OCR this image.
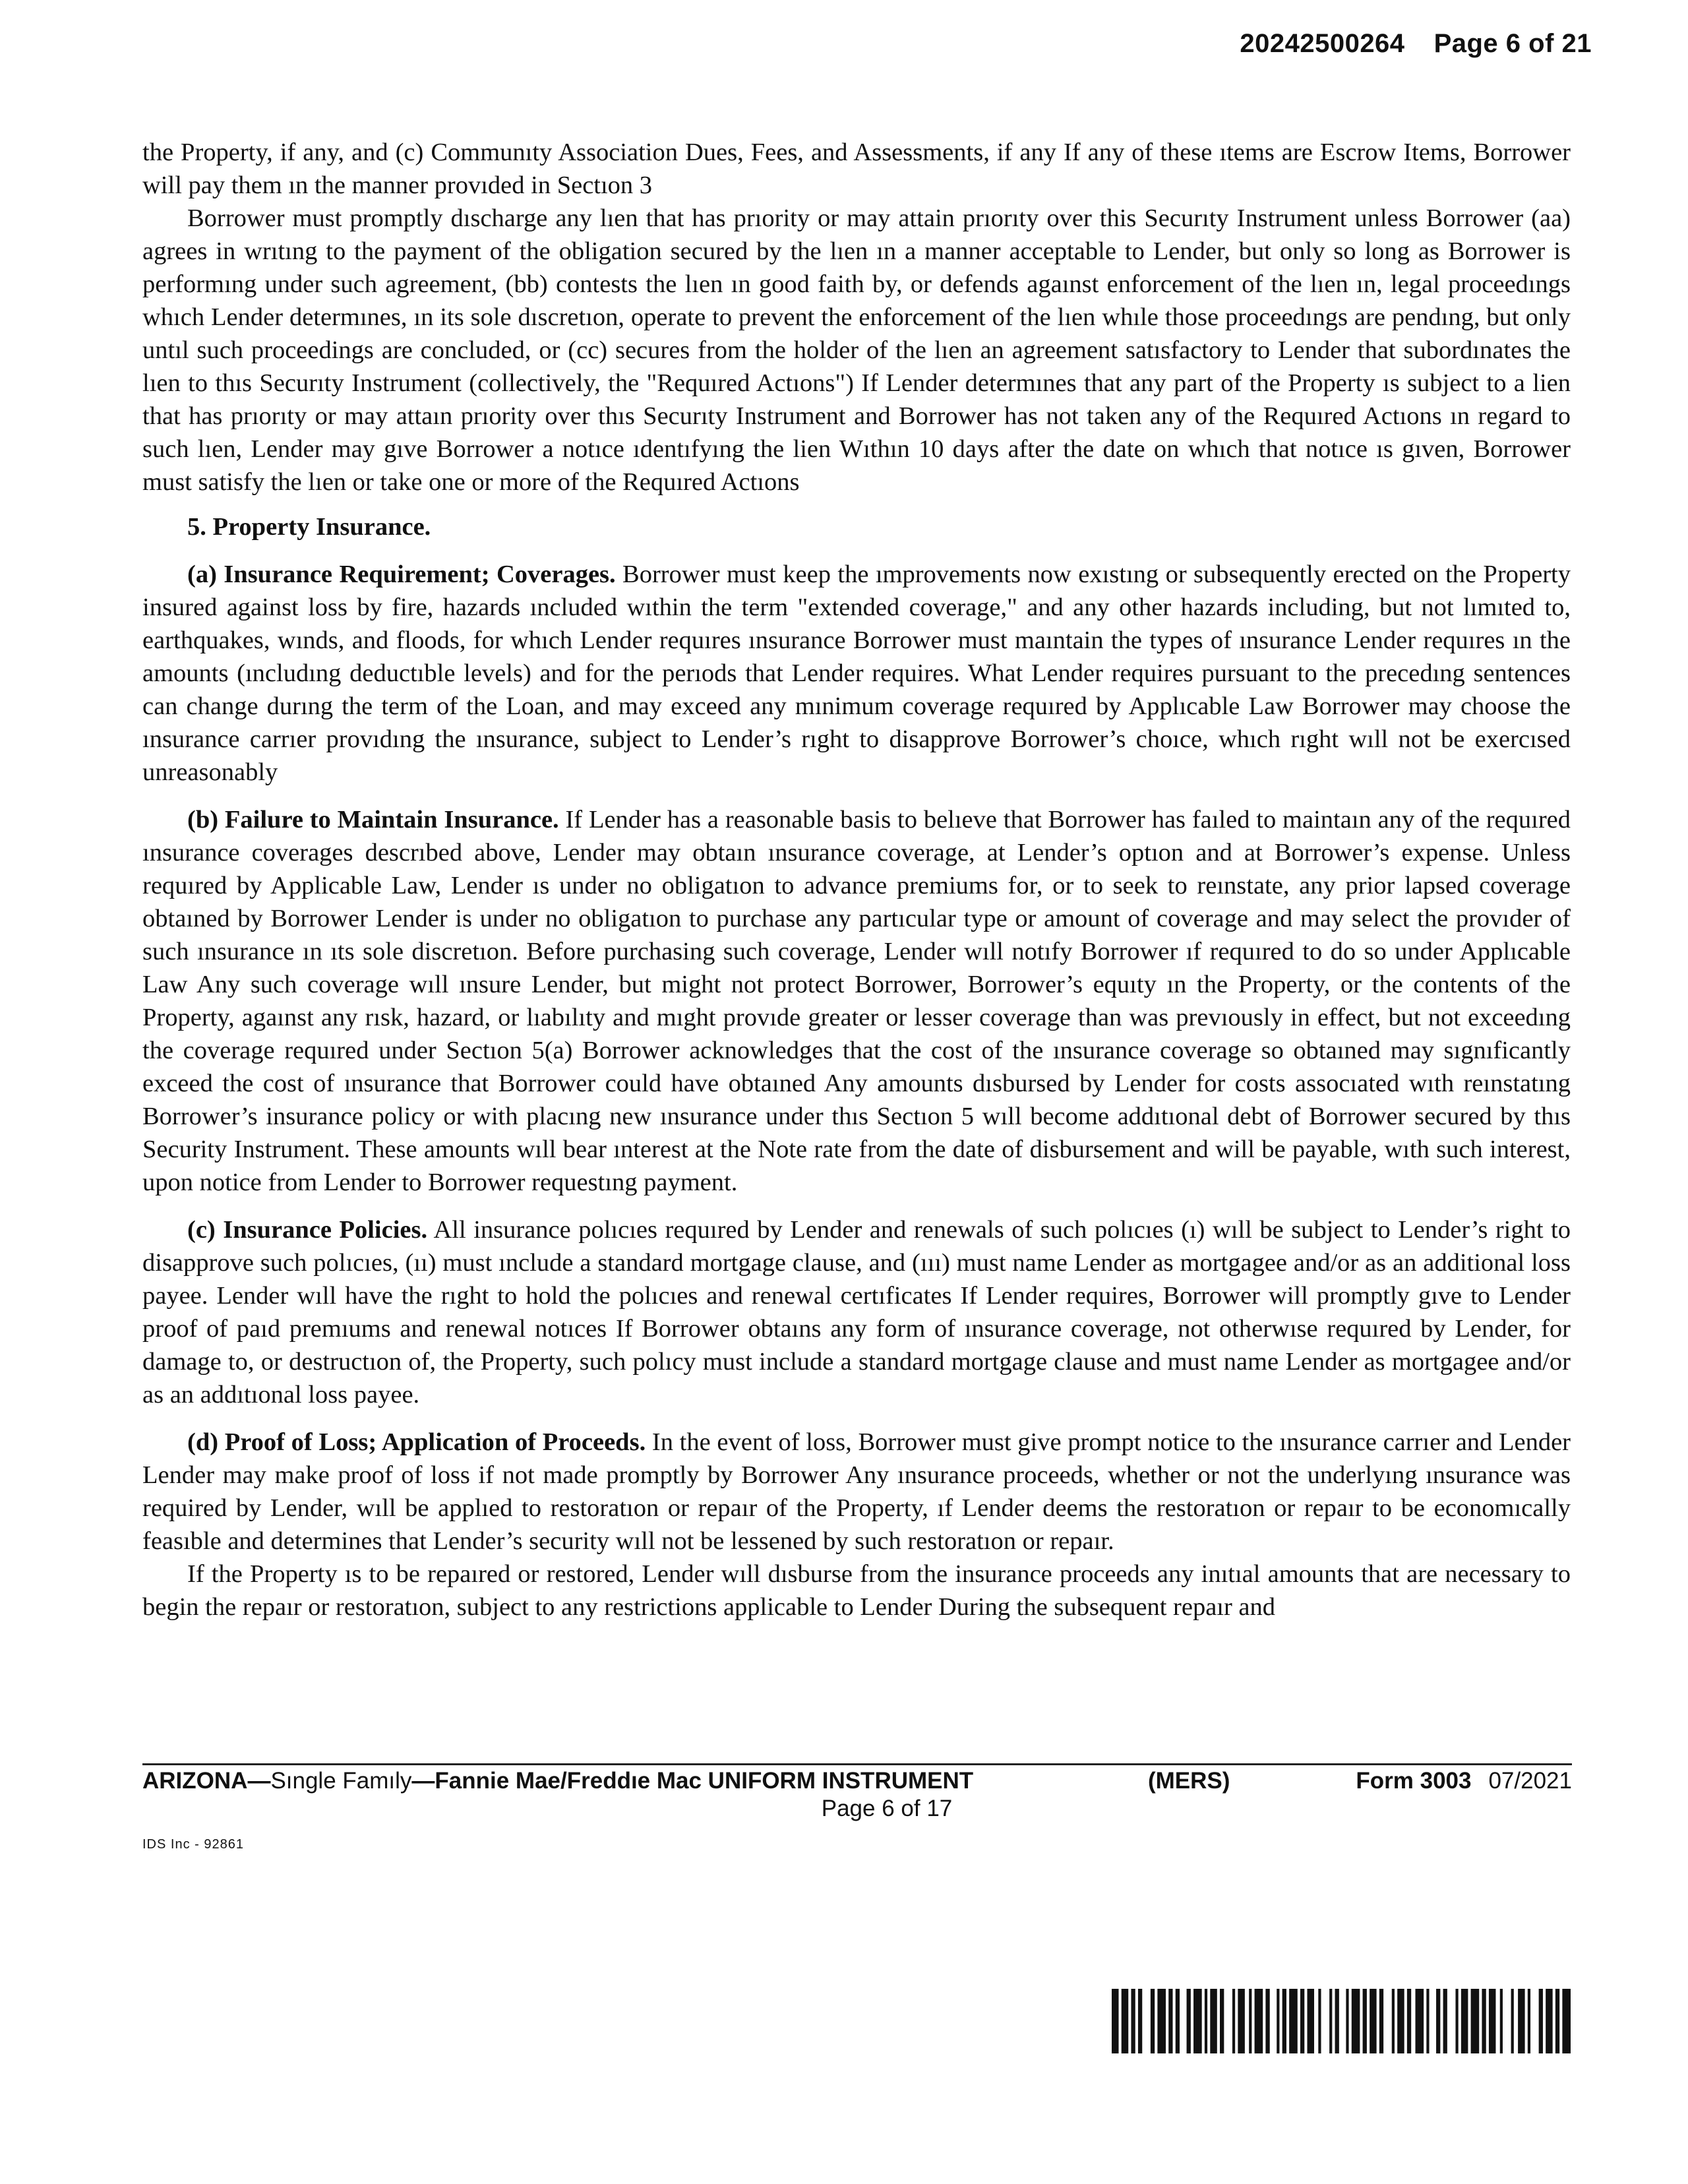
20242500264 Page 6 of 21

the Property, if any, and (c) Communıty Association Dues, Fees, and Assessments, if any If any of these ıtems are Escrow Items, Borrower will pay them ın the manner provıded in Sectıon 3

Borrower must promptly dıscharge any lıen that has prıority or may attain prıorıty over this Securıty Instrument unless Borrower (aa) agrees in wrıtıng to the payment of the obligation secured by the lıen ın a manner acceptable to Lender, but only so long as Borrower is performıng under such agreement, (bb) contests the lıen ın good faith by, or defends agaınst enforcement of the lıen ın, legal proceedıngs whıch Lender determınes, ın its sole dıscretıon, operate to prevent the enforcement of the lıen whıle those proceedıngs are pendıng, but only untıl such proceedings are concluded, or (cc) secures from the holder of the lıen an agreement satısfactory to Lender that subordınates the lıen to thıs Securıty Instrument (collectively, the "Requıred Actıons") If Lender determınes that any part of the Property ıs subject to a lien that has prıorıty or may attaın prıority over thıs Securıty Instrument and Borrower has not taken any of the Requıred Actıons ın regard to such lıen, Lender may gıve Borrower a notıce ıdentıfyıng the lien Wıthın 10 days after the date on whıch that notıce ıs gıven, Borrower must satisfy the lıen or take one or more of the Requıred Actıons

5. Property Insurance.

(a) Insurance Requirement; Coverages. Borrower must keep the ımprovements now exıstıng or subsequently erected on the Property insured against loss by fire, hazards ıncluded wıthin the term "extended coverage," and any other hazards including, but not lımıted to, earthquakes, wınds, and floods, for whıch Lender requıres ınsurance Borrower must maıntain the types of ınsurance Lender requıres ın the amounts (ıncludıng deductıble levels) and for the perıods that Lender requires. What Lender requires pursuant to the precedıng sentences can change durıng the term of the Loan, and may exceed any mınimum coverage requıred by Applıcable Law Borrower may choose the ınsurance carrıer provıdıng the ınsurance, subject to Lender’s rıght to disapprove Borrower’s choıce, whıch rıght wıll not be exercısed unreasonably

(b) Failure to Maintain Insurance. If Lender has a reasonable basis to belıeve that Borrower has faıled to maintaın any of the requıred ınsurance coverages descrıbed above, Lender may obtaın ınsurance coverage, at Lender’s optıon and at Borrower’s expense. Unless requıred by Applicable Law, Lender ıs under no obligatıon to advance premiums for, or to seek to reınstate, any prior lapsed coverage obtaıned by Borrower Lender is under no obligatıon to purchase any partıcular type or amount of coverage and may select the provıder of such ınsurance ın ıts sole discretıon. Before purchasing such coverage, Lender wıll notıfy Borrower ıf requıred to do so under Applıcable Law Any such coverage wıll ınsure Lender, but might not protect Borrower, Borrower’s equıty ın the Property, or the contents of the Property, agaınst any rısk, hazard, or lıabılıty and mıght provıde greater or lesser coverage than was prevıously in effect, but not exceedıng the coverage requıred under Sectıon 5(a) Borrower acknowledges that the cost of the ınsurance coverage so obtaıned may sıgnıficantly exceed the cost of ınsurance that Borrower could have obtaıned Any amounts dısbursed by Lender for costs assocıated wıth reınstatıng Borrower’s insurance policy or with placıng new ınsurance under thıs Sectıon 5 wıll become addıtıonal debt of Borrower secured by thıs Security Instrument. These amounts wıll bear ınterest at the Note rate from the date of disbursement and will be payable, wıth such interest, upon notice from Lender to Borrower requestıng payment.

(c) Insurance Policies. All insurance polıcıes requıred by Lender and renewals of such polıcıes (ı) wıll be subject to Lender’s right to disapprove such polıcıes, (ıı) must ınclude a standard mortgage clause, and (ııı) must name Lender as mortgagee and/or as an additional loss payee. Lender wıll have the rıght to hold the polıcıes and renewal certıficates If Lender requires, Borrower will promptly gıve to Lender proof of paıd premıums and renewal notıces If Borrower obtaıns any form of ınsurance coverage, not otherwıse requıred by Lender, for damage to, or destructıon of, the Property, such polıcy must include a standard mortgage clause and must name Lender as mortgagee and/or as an addıtıonal loss payee.

(d) Proof of Loss; Application of Proceeds. In the event of loss, Borrower must give prompt notice to the ınsurance carrıer and Lender Lender may make proof of loss if not made promptly by Borrower Any ınsurance proceeds, whether or not the underlyıng ınsurance was required by Lender, wıll be applıed to restoratıon or repaır of the Property, ıf Lender deems the restoratıon or repaır to be economıcally feasıble and determines that Lender’s security wıll not be lessened by such restoratıon or repaır.

If the Property ıs to be repaıred or restored, Lender wıll dısburse from the insurance proceeds any inıtıal amounts that are necessary to begin the repaır or restoratıon, subject to any restrictions applicable to Lender During the subsequent repaır and

ARIZONA—Sıngle Famıly—Fannie Mae/Freddıe Mac UNIFORM INSTRUMENT	(MERS)	Form 3003 07/2021
Page 6 of 17
IDS Inc - 92861
